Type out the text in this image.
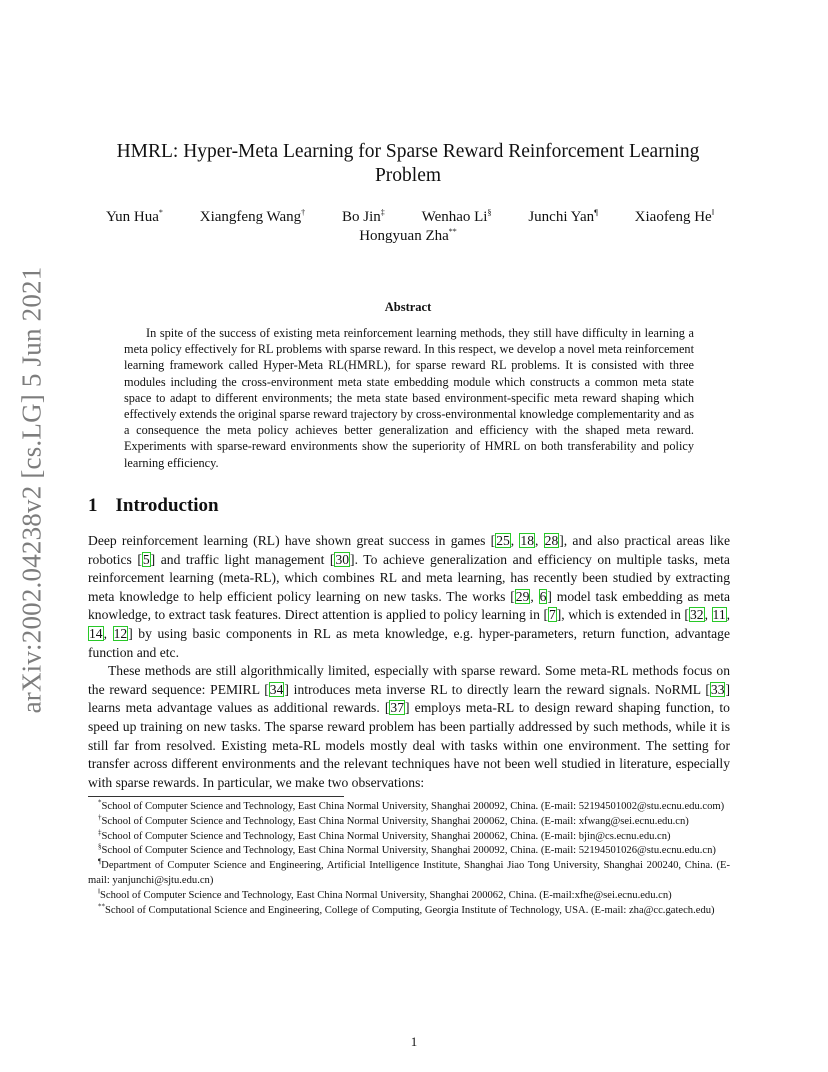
arXiv:2002.04238v2 [cs.LG] 5 Jun 2021
HMRL: Hyper-Meta Learning for Sparse Reward Reinforcement Learning Problem
Yun Hua* Xiangfeng Wang† Bo Jin‡ Wenhao Li§ Junchi Yan¶ Xiaofeng He‖
Hongyuan Zha**
Abstract
In spite of the success of existing meta reinforcement learning methods, they still have difficulty in learning a meta policy effectively for RL problems with sparse reward. In this respect, we develop a novel meta reinforcement learning framework called Hyper-Meta RL(HMRL), for sparse reward RL problems. It is consisted with three modules including the cross-environment meta state embedding module which constructs a common meta state space to adapt to different environments; the meta state based environment-specific meta reward shaping which effectively extends the original sparse reward trajectory by cross-environmental knowledge complementarity and as a consequence the meta policy achieves better generalization and efficiency with the shaped meta reward. Experiments with sparse-reward environments show the superiority of HMRL on both transferability and policy learning efficiency.
1 Introduction

Deep reinforcement learning (RL) have shown great success in games [25, 18, 28], and also practical areas like robotics [5] and traffic light management [30]. To achieve generalization and efficiency on multiple tasks, meta reinforcement learning (meta-RL), which combines RL and meta learning, has recently been studied by extracting meta knowledge to help efficient policy learning on new tasks. The works [29, 6] model task embedding as meta knowledge, to extract task features. Direct attention is applied to policy learning in [7], which is extended in [32, 11, 14, 12] by using basic components in RL as meta knowledge, e.g. hyper-parameters, return function, advantage function and etc.

These methods are still algorithmically limited, especially with sparse reward. Some meta-RL methods focus on the reward sequence: PEMIRL [34] introduces meta inverse RL to directly learn the reward signals. NoRML [33] learns meta advantage values as additional rewards. [37] employs meta-RL to design reward shaping function, to speed up training on new tasks. The sparse reward problem has been partially addressed by such methods, while it is still far from resolved. Existing meta-RL models mostly deal with tasks within one environment. The setting for transfer across different environments and the relevant techniques have not been well studied in literature, especially with sparse rewards. In particular, we make two observations:

*School of Computer Science and Technology, East China Normal University, Shanghai 200092, China. (E-mail: 52194501002@stu.ecnu.edu.com)

†School of Computer Science and Technology, East China Normal University, Shanghai 200062, China. (E-mail: xfwang@sei.ecnu.edu.cn)

‡School of Computer Science and Technology, East China Normal University, Shanghai 200062, China. (E-mail: bjin@cs.ecnu.edu.cn)

§School of Computer Science and Technology, East China Normal University, Shanghai 200092, China. (E-mail: 52194501026@stu.ecnu.edu.cn)

¶Department of Computer Science and Engineering, Artificial Intelligence Institute, Shanghai Jiao Tong University, Shanghai 200240, China. (E-mail: yanjunchi@sjtu.edu.cn)

‖School of Computer Science and Technology, East China Normal University, Shanghai 200062, China. (E-mail:xfhe@sei.ecnu.edu.cn)

**School of Computational Science and Engineering, College of Computing, Georgia Institute of Technology, USA. (E-mail: zha@cc.gatech.edu)

1
